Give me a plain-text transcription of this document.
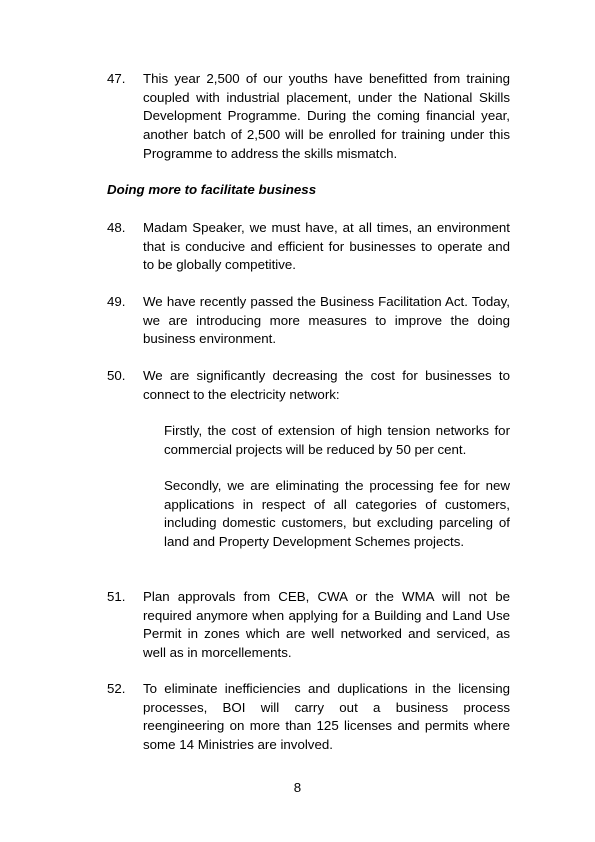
47. This year 2,500 of our youths have benefitted from training coupled with industrial placement, under the National Skills Development Programme. During the coming financial year, another batch of 2,500 will be enrolled for training under this Programme to address the skills mismatch.
Doing more to facilitate business
48. Madam Speaker, we must have, at all times, an environment that is conducive and efficient for businesses to operate and to be globally competitive.
49. We have recently passed the Business Facilitation Act. Today, we are introducing more measures to improve the doing business environment.
50. We are significantly decreasing the cost for businesses to connect to the electricity network:
Firstly, the cost of extension of high tension networks for commercial projects will be reduced by 50 per cent.
Secondly, we are eliminating the processing fee for new applications in respect of all categories of customers, including domestic customers, but excluding parceling of land and Property Development Schemes projects.
51. Plan approvals from CEB, CWA or the WMA will not be required anymore when applying for a Building and Land Use Permit in zones which are well networked and serviced, as well as in morcellements.
52. To eliminate inefficiencies and duplications in the licensing processes, BOI will carry out a business process reengineering on more than 125 licenses and permits where some 14 Ministries are involved.
8
